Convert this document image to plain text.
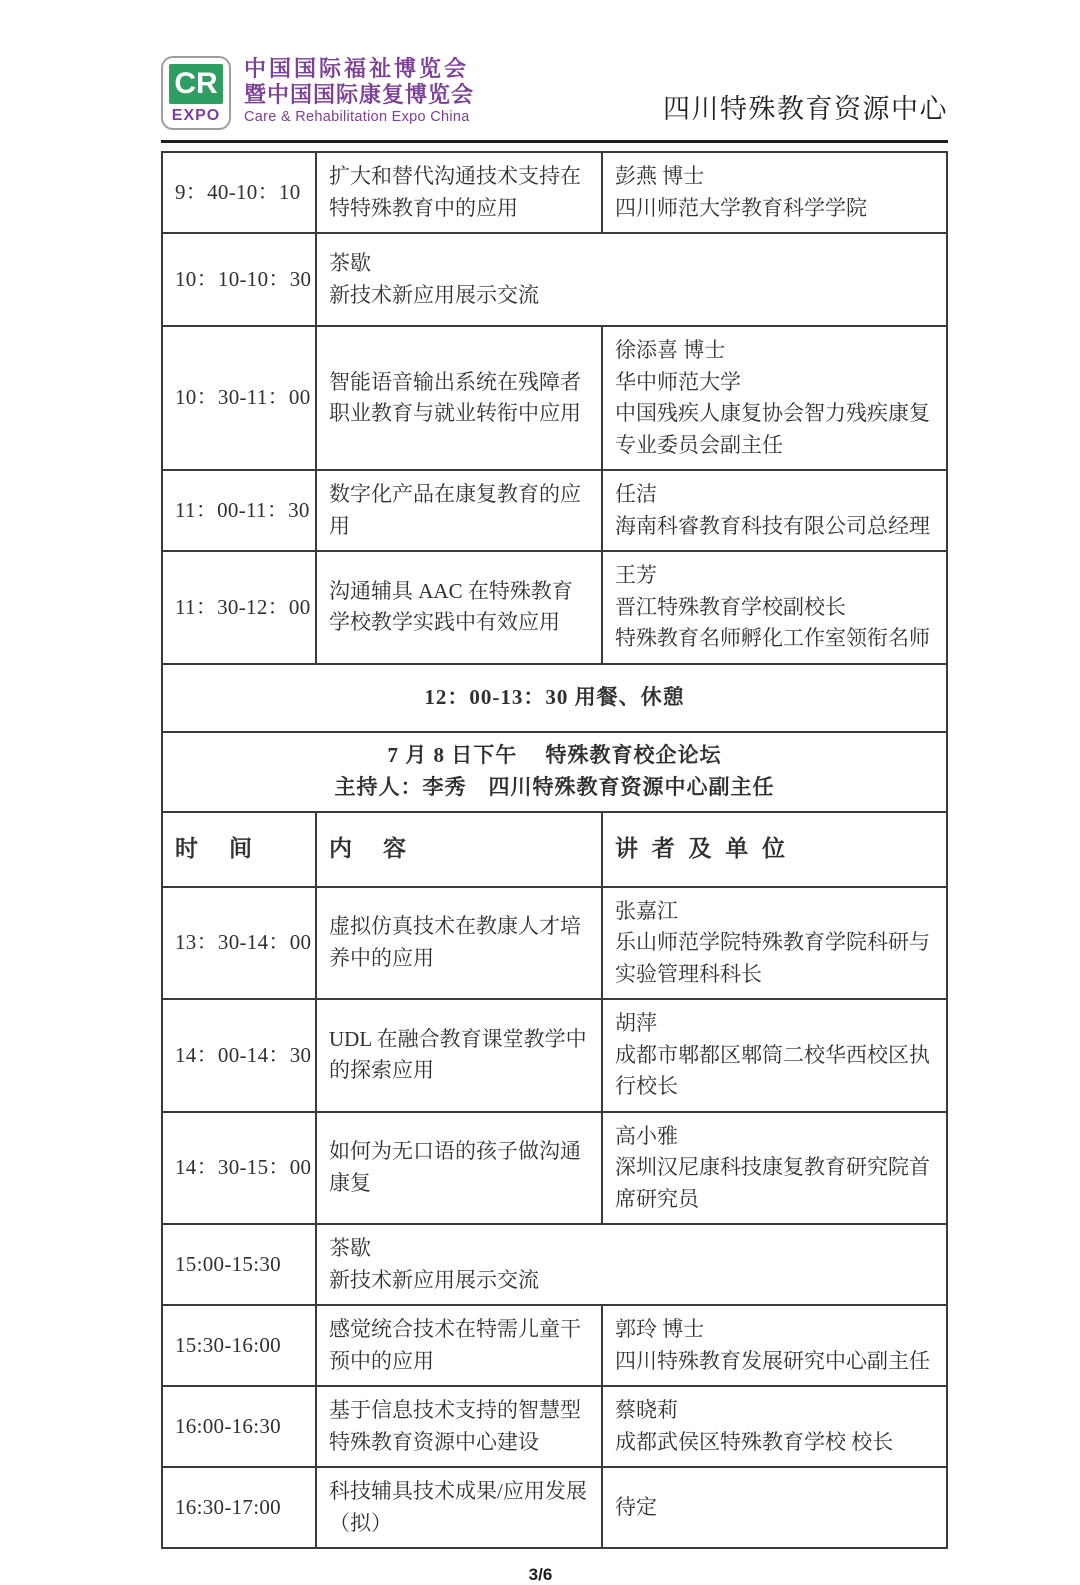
CR
EXPO
中国国际福祉博览会
暨中国国际康复博览会
Care & Rehabilitation Expo China	四川特殊教育资源中心
9：40-10：10	扩大和替代沟通技术支持在特特殊教育中的应用	彭燕 博士
四川师范大学教育科学学院

10：10-10：30	茶歇
新技术新应用展示交流	

10：30-11：00	智能语音输出系统在残障者职业教育与就业转衔中应用	徐添喜 博士
华中师范大学
中国残疾人康复协会智力残疾康复专业委员会副主任

11：00-11：30	数字化产品在康复教育的应用	任洁
海南科睿教育科技有限公司总经理

11：30-12：00	沟通辅具 AAC 在特殊教育学校教学实践中有效应用	王芳
晋江特殊教育学校副校长
特殊教育名师孵化工作室领衔名师

12：00-13：30 用餐、休憩		

7 月 8 日下午　 特殊教育校企论坛
主持人：李秀　四川特殊教育资源中心副主任		

时　间	内　容	讲 者 及 单 位
13：30-14：00	虚拟仿真技术在教康人才培养中的应用	张嘉江
乐山师范学院特殊教育学院科研与实验管理科科长

14：00-14：30	UDL 在融合教育课堂教学中的探索应用	胡萍
成都市郫都区郫筒二校华西校区执行校长

14：30-15：00	如何为无口语的孩子做沟通康复	高小雅
深圳汉尼康科技康复教育研究院首席研究员

15:00-15:30	茶歇
新技术新应用展示交流	

15:30-16:00	感觉统合技术在特需儿童干预中的应用	郭玲 博士
四川特殊教育发展研究中心副主任

16:00-16:30	基于信息技术支持的智慧型特殊教育资源中心建设	蔡晓莉
成都武侯区特殊教育学校 校长

16:30-17:00	科技辅具技术成果/应用发展（拟）	待定
3/6
